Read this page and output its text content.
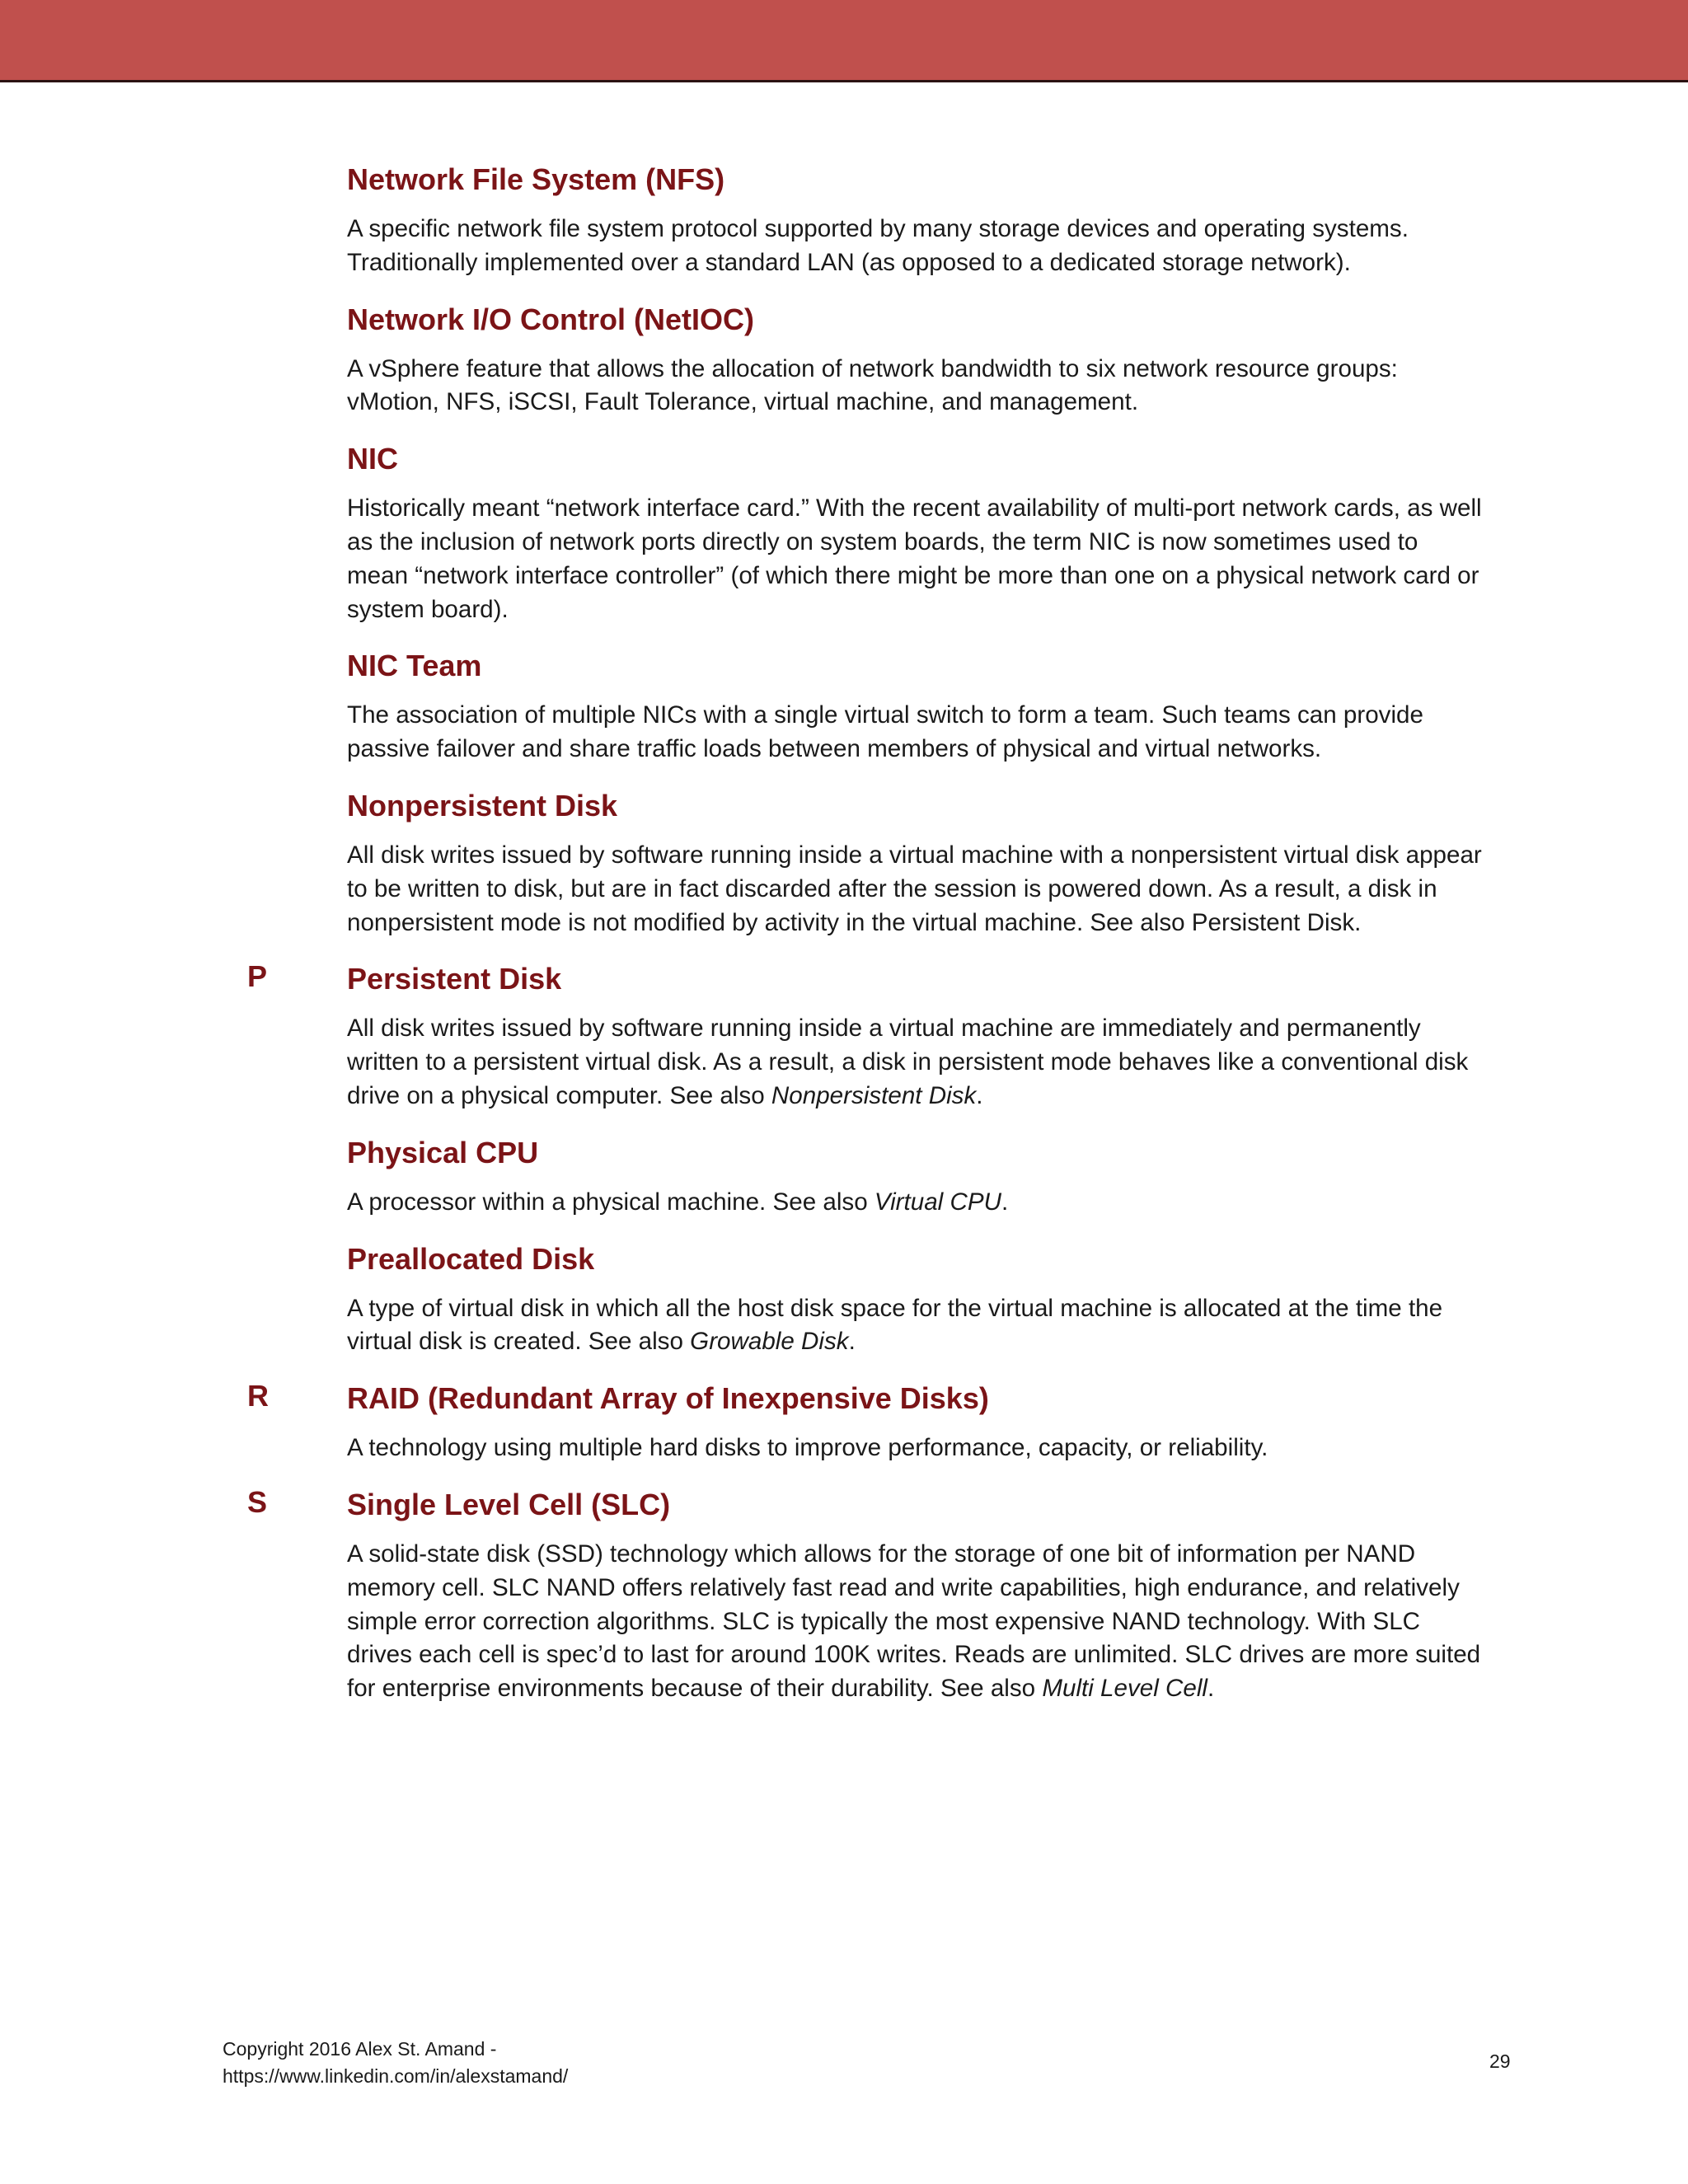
Network File System (NFS)

A specific network file system protocol supported by many storage devices and operating systems. Traditionally implemented over a standard LAN (as opposed to a dedicated storage network).

Network I/O Control (NetIOC)

A vSphere feature that allows the allocation of network bandwidth to six network resource groups: vMotion, NFS, iSCSI, Fault Tolerance, virtual machine, and management.

NIC

Historically meant “network interface card.” With the recent availability of multi-port network cards, as well as the inclusion of network ports directly on system boards, the term NIC is now sometimes used to mean “network interface controller” (of which there might be more than one on a physical network card or system board).

NIC Team

The association of multiple NICs with a single virtual switch to form a team. Such teams can provide passive failover and share traffic loads between members of physical and virtual networks.

Nonpersistent Disk

All disk writes issued by software running inside a virtual machine with a nonpersistent virtual disk appear to be written to disk, but are in fact discarded after the session is powered down. As a result, a disk in nonpersistent mode is not modified by activity in the virtual machine. See also Persistent Disk.

P	Persistent Disk

All disk writes issued by software running inside a virtual machine are immediately and permanently written to a persistent virtual disk. As a result, a disk in persistent mode behaves like a conventional disk drive on a physical computer. See also Nonpersistent Disk.

Physical CPU

A processor within a physical machine. See also Virtual CPU.

Preallocated Disk

A type of virtual disk in which all the host disk space for the virtual machine is allocated at the time the virtual disk is created. See also Growable Disk.

R	RAID (Redundant Array of Inexpensive Disks)

A technology using multiple hard disks to improve performance, capacity, or reliability.

S	Single Level Cell (SLC)

A solid-state disk (SSD) technology which allows for the storage of one bit of information per NAND memory cell. SLC NAND offers relatively fast read and write capabilities, high endurance, and relatively simple error correction algorithms. SLC is typically the most expensive NAND technology. With SLC drives each cell is spec’d to last for around 100K writes. Reads are unlimited. SLC drives are more suited for enterprise environments because of their durability. See also Multi Level Cell.

Copyright 2016 Alex St. Amand -
https://www.linkedin.com/in/alexstamand/
29
